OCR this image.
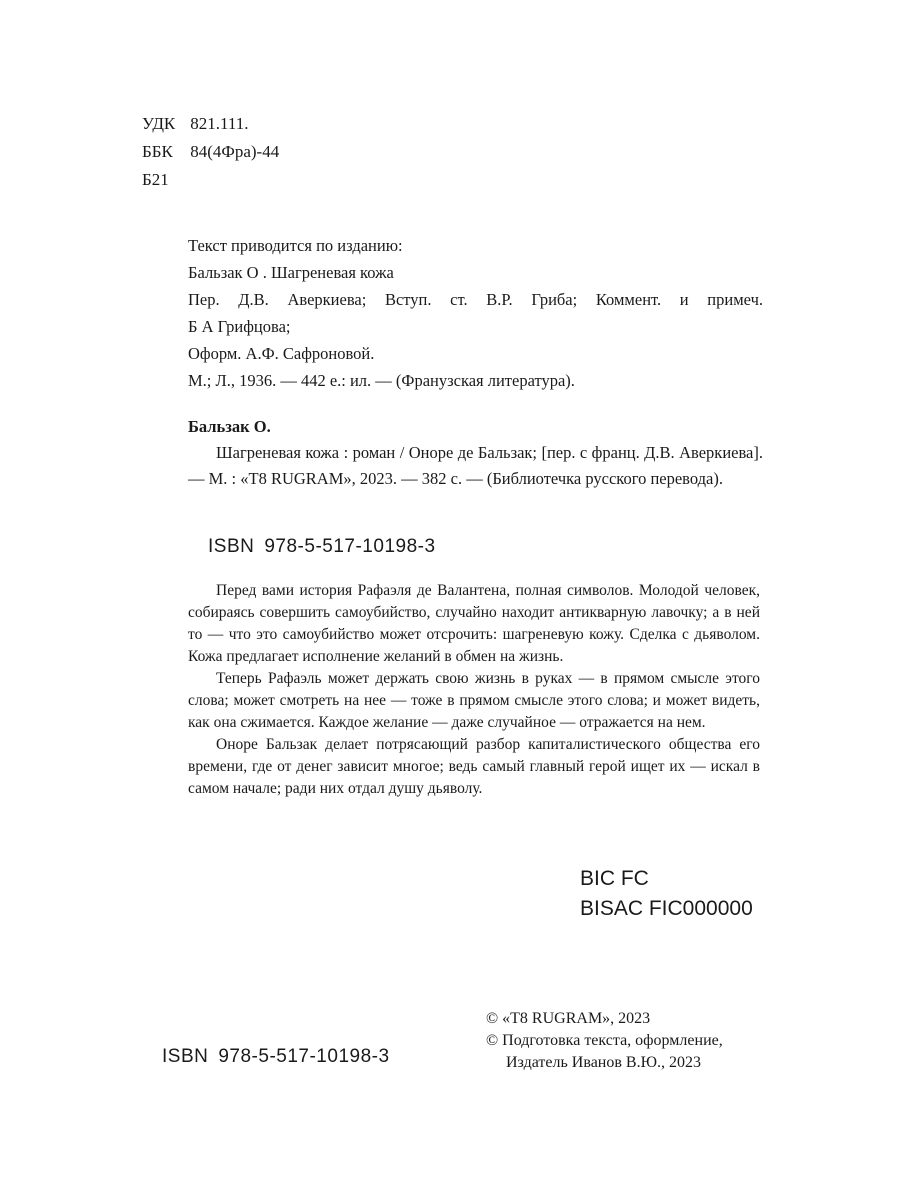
УДК 821.111.
ББК 84(4Фра)-44
Б21
Текст приводится по изданию:
Бальзак О . Шагреневая кожа
Пер. Д.В. Аверкиева; Вступ. ст. В.Р. Гриба; Коммент. и примеч.
Б А Грифцова;
Оформ. А.Ф. Сафроновой.
М.; Л., 1936. — 442 е.: ил. — (Франузская литература).
Бальзак О.
Шагреневая кожа : роман / Оноре де Бальзак; [пер. с франц. Д.В. Аверкиева]. — М. : «T8 RUGRAM», 2023. — 382 с. — (Библиотечка русского перевода).
ISBN 978-5-517-10198-3

Перед вами история Рафаэля де Валантена, полная символов. Молодой человек, собираясь совершить самоубийство, случайно находит антикварную лавочку; а в ней то — что это самоубийство может отсрочить: шагреневую кожу. Сделка с дьяволом. Кожа предлагает исполнение желаний в обмен на жизнь.

Теперь Рафаэль может держать свою жизнь в руках — в прямом смысле этого слова; может смотреть на нее — тоже в прямом смысле этого слова; и может видеть, как она сжимается. Каждое желание — даже случайное — отражается на нем.

Оноре Бальзак делает потрясающий разбор капиталистического общества его времени, где от денег зависит многое; ведь самый главный герой ищет их — искал в самом начале; ради них отдал душу дьяволу.

BIC FC
BISAC FIC000000
© «T8 RUGRAM», 2023
© Подготовка текста, оформление,
Издатель Иванов В.Ю., 2023
ISBN 978-5-517-10198-3
